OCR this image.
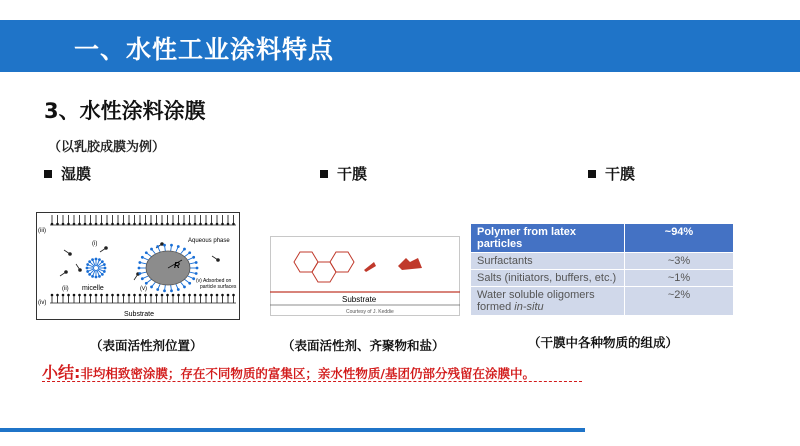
一、水性工业涂料特点
3、水性涂料涂膜
（以乳胶成膜为例）
湿膜	干膜	干膜
(iii)
(iv)
(i)
(ii) micelle
R
(v)
Aqueous phase
(v) Adsorbed on particle surfaces
Substrate
Substrate
Courtesy of J. Keddie
Polymer from latex particles	~94%
Surfactants	~3%
Salts (initiators, buffers, etc.)	~1%
Water soluble oligomers formed in-situ	~2%
（表面活性剂位置）	（表面活性剂、齐聚物和盐）	（干膜中各种物质的组成）
小结: 非均相致密涂膜；存在不同物质的富集区；亲水性物质/基团仍部分残留在涂膜中。
